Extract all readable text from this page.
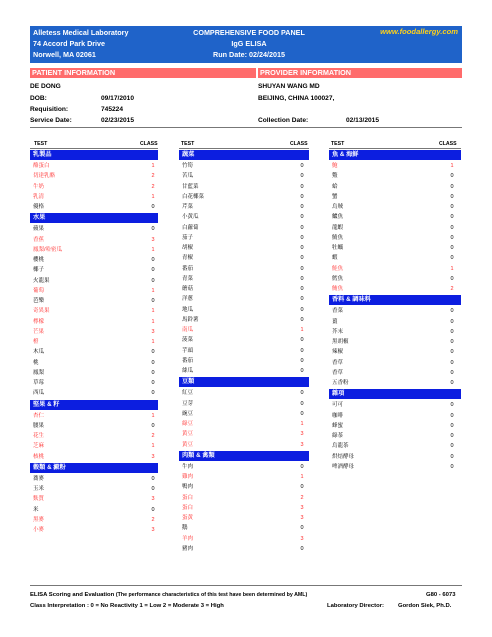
Alletess Medical Laboratory
74 Accord Park Drive
Norwell, MA 02061
COMPREHENSIVE FOOD PANEL
IgG ELISA
Run Date: 02/24/2015
www.foodallergy.com
PATIENT INFORMATION	PROVIDER INFORMATION
DE DONG
DOB:	09/17/2010
Requisition:	745224
Service Date:	02/23/2015
SHUYAN WANG MD
BEIJING, CHINA 100027,
Collection Date:	02/13/2015
TEST	CLASS	TEST	CLASS	TEST	CLASS
乳製品
酪蛋白	1
切達乳酪	2
牛奶	2
乳清	1
優格	0
水果
蘋果	0
香蕉	3
鳳梨/哈密瓜	1
櫻桃	0
椰子	0
火龍果	0
葡萄	1
芭樂	0
奇異果	1
檸檬	1
芒果	3
橙	1
木瓜	0
桃	0
鳳梨	0
草莓	0
西瓜	0
堅果 & 籽
杏仁	1
腰果	0
花生	2
芝麻	1
核桃	3
穀類 & 澱粉
蕎麥	0
玉米	0
麩質	3
米	0
黑麥	2
小麥	3
蔬菜
竹筍	0
苦瓜	0
甘藍菜	0
白花椰菜	0
芹菜	0
小黃瓜	0
白蘿蔔	0
茄子	0
胡椒	0
青椒	0
番茄	0
青菜	0
蘑菇	0
洋蔥	0
地瓜	0
馬鈴薯	0
南瓜	1
菠菜	0
芋頭	0
番茄	0
絲瓜	0
豆類
紅豆	0
豆芽	0
豌豆	0
綠豆	1
黃豆	3
黃豆	3
肉類 & 禽類
牛肉	0
雞肉	1
鴨肉	0
蛋白	2
蛋白	3
蛋黃	3
鵝	0
羊肉	3
豬肉	0
魚 & 海鮮
鮑	1
鱉	0
蛤	0
蟹	0
烏賊	0
鱸魚	0
龍蝦	0
鯖魚	0
牡蠣	0
蝦	0
鮭魚	1
鱈魚	0
鮪魚	2
香料 & 調味料
香菜	0
薑	0
芥末	0
黑胡椒	0
辣椒	0
香草	0
香草	0
五香粉	0
雜項
可可	0
咖啡	0
蜂蜜	0
綠茶	0
烏龍茶	0
烘焙酵母	0
啤酒酵母	0
ELISA Scoring and Evaluation (The performance characteristics of this test have been determined by AML)	G80 - 6073
Class Interpretation : 0 = No Reactivity 1 = Low 2 = Moderate 3 = High	Laboratory Director: Gordon Siek, Ph.D.
